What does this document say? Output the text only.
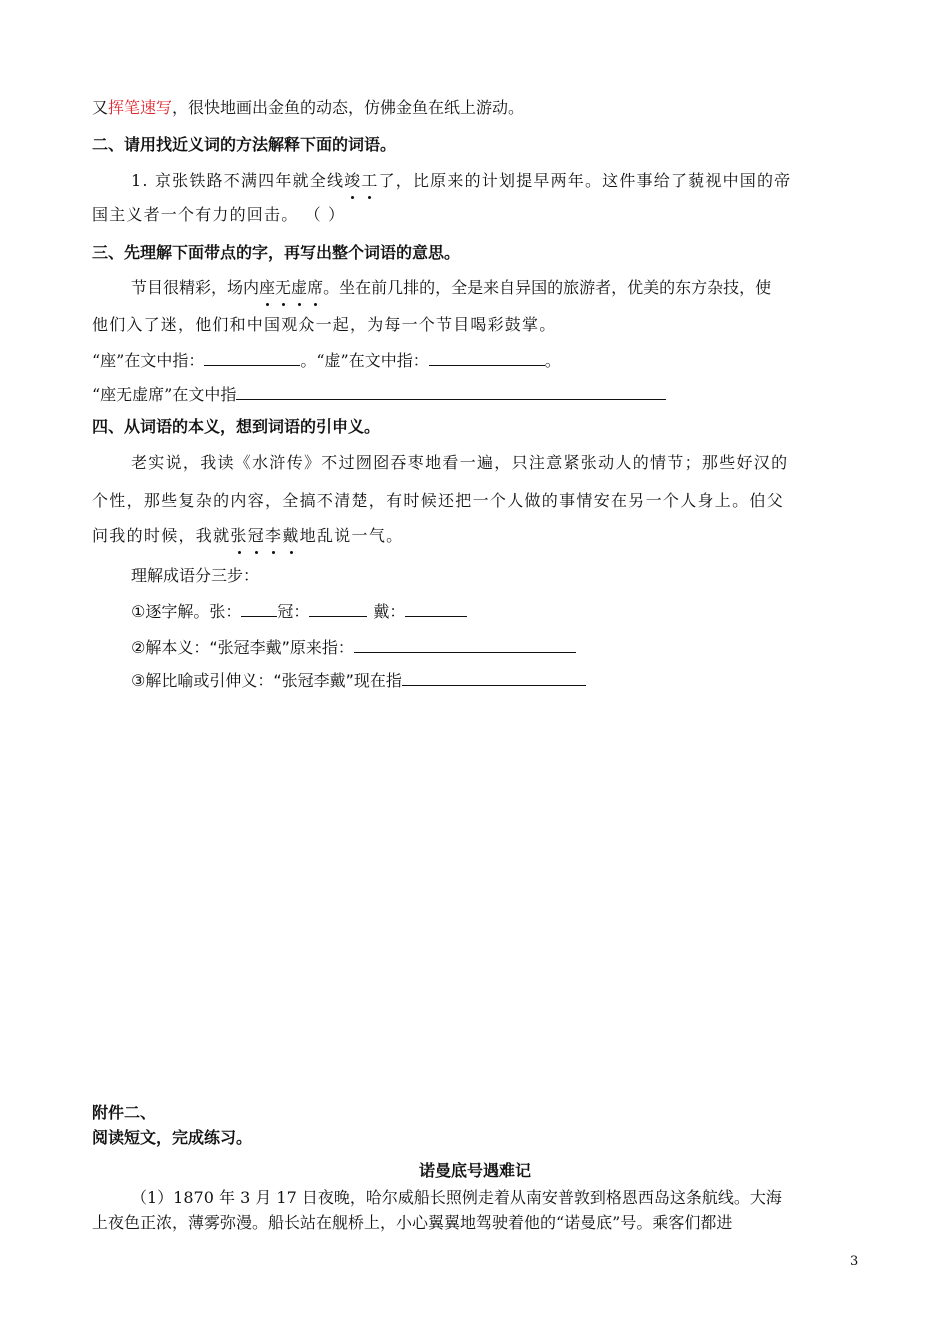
又挥笔速写，很快地画出金鱼的动态，仿佛金鱼在纸上游动。
二、请用找近义词的方法解释下面的词语。
1. 京张铁路不满四年就全线竣工了，比原来的计划提早两年。这件事给了藐视中国的帝
国主义者一个有力的回击。 （ ）
三、先理解下面带点的字，再写出整个词语的意思。
节目很精彩，场内座无虚席。坐在前几排的，全是来自异国的旅游者，优美的东方杂技，使
他们入了迷，他们和中国观众一起，为每一个节目喝彩鼓掌。
“座”在文中指：	。“虚”在文中指：	。
“座无虚席”在文中指
四、从词语的本义，想到词语的引申义。
老实说，我读《水浒传》不过囫囵吞枣地看一遍，只注意紧张动人的情节；那些好汉的
个性，那些复杂的内容，全搞不清楚，有时候还把一个人做的事情安在另一个人身上。伯父
问我的时候，我就张冠李戴地乱说一气。
理解成语分三步：
①逐字解。张： 冠：	戴：
②解本义：“张冠李戴”原来指：
③解比喻或引伸义：“张冠李戴”现在指
附件二、
阅读短文，完成练习。
诺曼底号遇难记
（1）1870 年 3 月 17 日夜晚，哈尔威船长照例走着从南安普敦到格恩西岛这条航线。大海
上夜色正浓，薄雾弥漫。船长站在舰桥上，小心翼翼地驾驶着他的“诺曼底”号。乘客们都进
3
